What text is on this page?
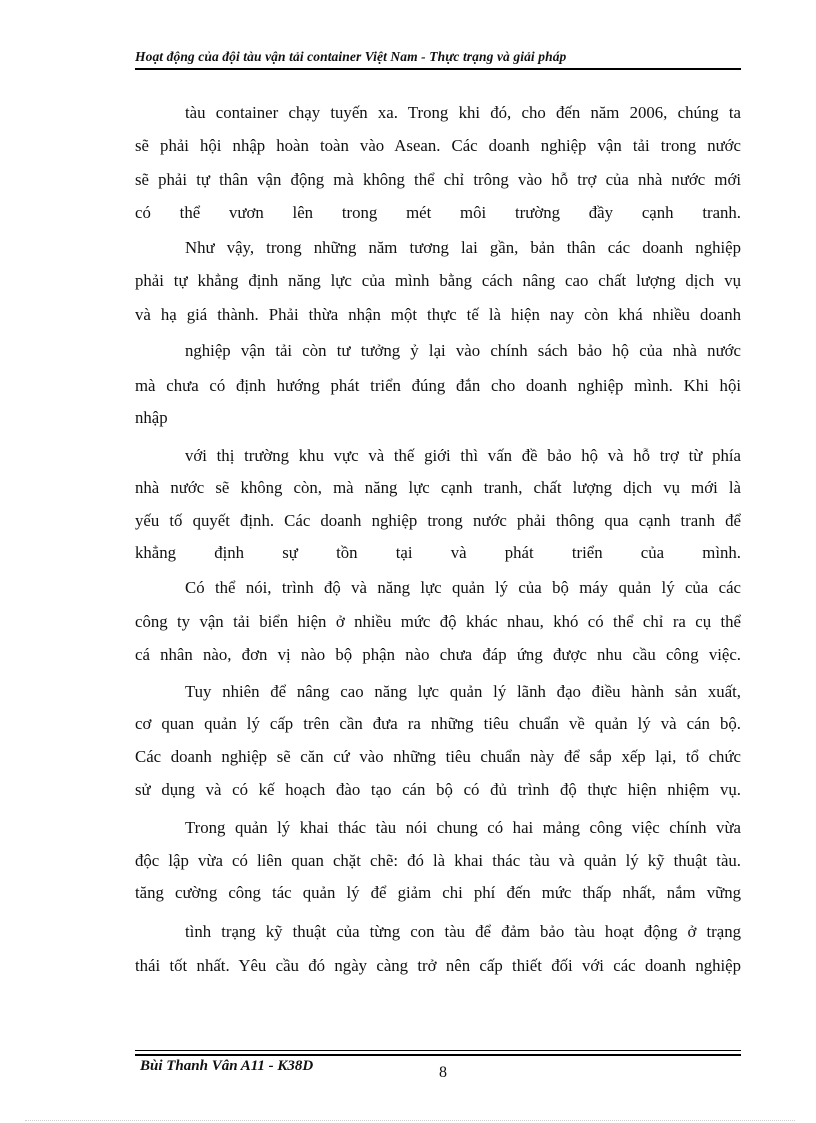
Hoạt động của đội tàu vận tải container Việt Nam - Thực trạng và giải pháp
tàu container chạy tuyến xa. Trong khi đó, cho đến năm 2006, chúng ta
sẽ phải hội nhập hoàn toàn vào Asean. Các doanh nghiệp vận tải trong nước
sẽ phải tự thân vận động mà không thể chỉ trông vào hỗ trợ của nhà nước mới
có thể vươn lên trong mét môi trường đầy cạnh tranh.
Như vậy, trong những năm tương lai gần, bản thân các doanh nghiệp
phải tự khẳng định năng lực của mình bằng cách nâng cao chất lượng dịch vụ
và hạ giá thành. Phải thừa nhận một thực tế là hiện nay còn khá nhiều doanh
nghiệp vận tải còn tư tưởng ỷ lại vào chính sách bảo hộ của nhà nước
mà chưa có định hướng phát triển đúng đắn cho doanh nghiệp mình. Khi hội
nhập
với thị trường khu vực và thế giới thì vấn đề bảo hộ và hỗ trợ từ phía
nhà nước sẽ không còn, mà năng lực cạnh tranh, chất lượng dịch vụ mới là
yếu tố quyết định. Các doanh nghiệp trong nước phải thông qua cạnh tranh để
khẳng định sự tồn tại và phát triển của mình.
Có thể nói, trình độ và năng lực quản lý của bộ máy quản lý của các
công ty vận tải biển hiện ở nhiều mức độ khác nhau, khó có thể chỉ ra cụ thể
cá nhân nào, đơn vị nào bộ phận nào chưa đáp ứng được nhu cầu công việc.
Tuy nhiên để nâng cao năng lực quản lý lãnh đạo điều hành sản xuất,
cơ quan quản lý cấp trên cần đưa ra những tiêu chuẩn về quản lý và cán bộ.
Các doanh nghiệp sẽ căn cứ vào những tiêu chuẩn này để sắp xếp lại, tổ chức
sử dụng và có kế hoạch đào tạo cán bộ có đủ trình độ thực hiện nhiệm vụ.
Trong quản lý khai thác tàu nói chung có hai mảng công việc chính vừa
độc lập vừa có liên quan chặt chẽ: đó là khai thác tàu và quản lý kỹ thuật tàu.
tăng cường công tác quản lý để giảm chi phí đến mức thấp nhất, nắm vững
tình trạng kỹ thuật của từng con tàu để đảm bảo tàu hoạt động ở trạng
thái tốt nhất. Yêu cầu đó ngày càng trở nên cấp thiết đối với các doanh nghiệp
Bùi Thanh Vân A11 - K38D	8
